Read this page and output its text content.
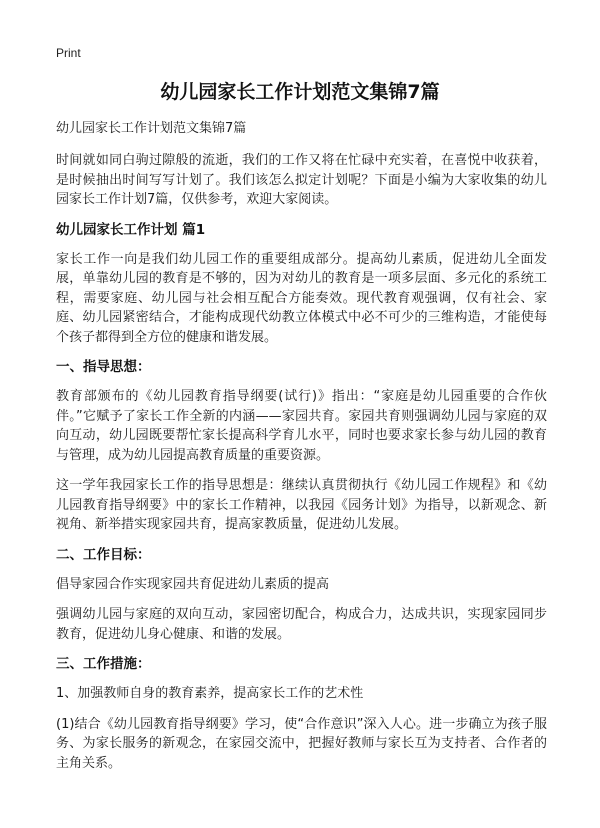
Print
幼儿园家长工作计划范文集锦7篇
幼儿园家长工作计划范文集锦7篇

时间就如同白驹过隙般的流逝，我们的工作又将在忙碌中充实着，在喜悦中收获着，是时候抽出时间写写计划了。我们该怎么拟定计划呢？下面是小编为大家收集的幼儿园家长工作计划7篇，仅供参考，欢迎大家阅读。

幼儿园家长工作计划 篇1

家长工作一向是我们幼儿园工作的重要组成部分。提高幼儿素质，促进幼儿全面发展，单靠幼儿园的教育是不够的，因为对幼儿的教育是一项多层面、多元化的系统工程，需要家庭、幼儿园与社会相互配合方能奏效。现代教育观强调，仅有社会、家庭、幼儿园紧密结合，才能构成现代幼教立体模式中必不可少的三维构造，才能使每个孩子都得到全方位的健康和谐发展。

一、指导思想：

教育部颁布的《幼儿园教育指导纲要(试行)》指出：“家庭是幼儿园重要的合作伙伴。”它赋予了家长工作全新的内涵——家园共育。家园共育则强调幼儿园与家庭的双向互动，幼儿园既要帮忙家长提高科学育儿水平，同时也要求家长参与幼儿园的教育与管理，成为幼儿园提高教育质量的重要资源。

这一学年我园家长工作的指导思想是：继续认真贯彻执行《幼儿园工作规程》和《幼儿园教育指导纲要》中的家长工作精神，以我园《园务计划》为指导，以新观念、新视角、新举措实现家园共育，提高家教质量，促进幼儿发展。

二、工作目标：

倡导家园合作实现家园共育促进幼儿素质的提高

强调幼儿园与家庭的双向互动，家园密切配合，构成合力，达成共识，实现家园同步教育，促进幼儿身心健康、和谐的发展。

三、工作措施：

1、加强教师自身的教育素养，提高家长工作的艺术性

(1)结合《幼儿园教育指导纲要》学习，使“合作意识”深入人心。进一步确立为孩子服务、为家长服务的新观念，在家园交流中，把握好教师与家长互为支持者、合作者的主角关系。
